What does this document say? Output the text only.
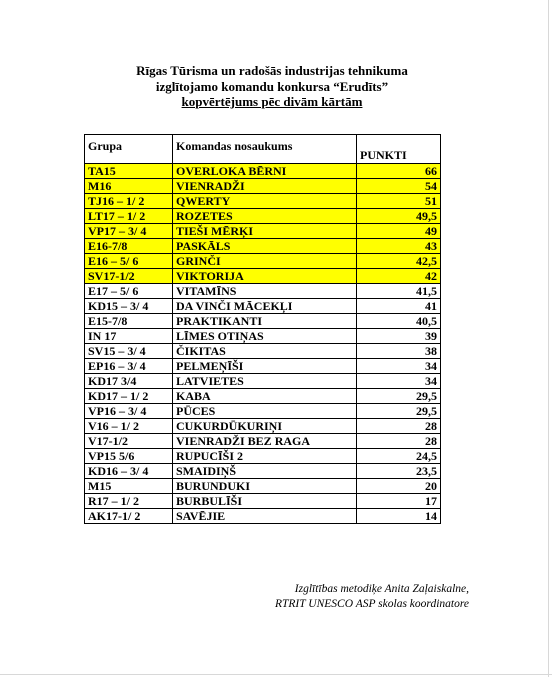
Rīgas Tūrisma un radošās industrijas tehnikuma
izglītojamo komandu konkursa “Erudīts”
kopvērtējums pēc divām kārtām
Grupa	Komandas nosaukums	PUNKTI
TA15	OVERLOKA BĒRNI	66
M16	VIENRADŽI	54
TJ16 – 1/ 2	QWERTY	51
LT17 – 1/ 2	ROZETES	49,5
VP17 – 3/ 4	TIEŠI MĒRĶI	49
E16-7/8	PASKĀLS	43
E16 – 5/ 6	GRINČI	42,5
SV17-1/2	VIKTORIJA	42
E17 – 5/ 6	VITAMĪNS	41,5
KD15 – 3/ 4	DA VINČI MĀCEKĻI	41
E15-7/8	PRAKTIKANTI	40,5
IN 17	LĪMES OTIŅAS	39
SV15 – 3/ 4	ČIKITAS	38
EP16 – 3/ 4	PELMEŅĪŠI	34
KD17 3/4	LATVIETES	34
KD17 – 1/ 2	KABA	29,5
VP16 – 3/ 4	PŪCES	29,5
V16 – 1/ 2	CUKURDŪKURIŅI	28
V17-1/2	VIENRADŽI BEZ RAGA	28
VP15 5/6	RUPUCĪŠI 2	24,5
KD16 – 3/ 4	SMAIDIŅŠ	23,5
M15	BURUNDUKI	20
R17 – 1/ 2	BURBULĪŠI	17
AK17-1/ 2	SAVĒJIE	14
Izglītības metodiķe Anita Zaļaiskalne,
RTRIT UNESCO ASP skolas koordinatore
